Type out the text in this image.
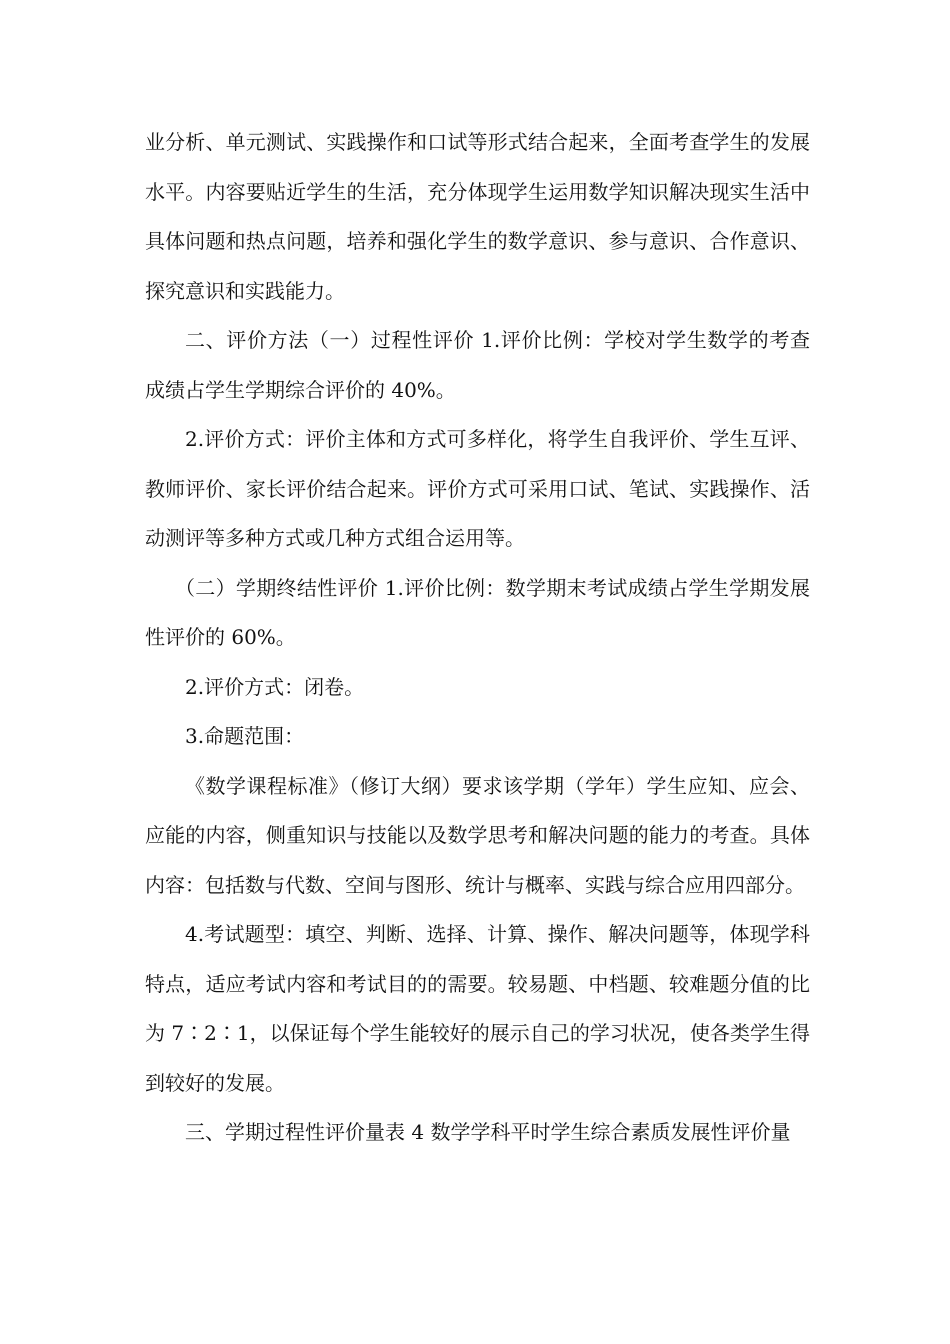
业分析、单元测试、实践操作和口试等形式结合起来，全面考查学生的发展水平。内容要贴近学生的生活，充分体现学生运用数学知识解决现实生活中具体问题和热点问题，培养和强化学生的数学意识、参与意识、合作意识、探究意识和实践能力。

二、评价方法（一）过程性评价 1.评价比例：学校对学生数学的考查成绩占学生学期综合评价的 40%。

2.评价方式：评价主体和方式可多样化，将学生自我评价、学生互评、教师评价、家长评价结合起来。评价方式可采用口试、笔试、实践操作、活动测评等多种方式或几种方式组合运用等。

（二）学期终结性评价 1.评价比例：数学期末考试成绩占学生学期发展性评价的 60%。

2.评价方式：闭卷。

3.命题范围：

《数学课程标准》（修订大纲）要求该学期（学年）学生应知、应会、应能的内容，侧重知识与技能以及数学思考和解决问题的能力的考查。具体内容：包括数与代数、空间与图形、统计与概率、实践与综合应用四部分。

4.考试题型：填空、判断、选择、计算、操作、解决问题等，体现学科特点，适应考试内容和考试目的的需要。较易题、中档题、较难题分值的比为 7∶2∶1，以保证每个学生能较好的展示自己的学习状况，使各类学生得到较好的发展。

三、学期过程性评价量表 4 数学学科平时学生综合素质发展性评价量
